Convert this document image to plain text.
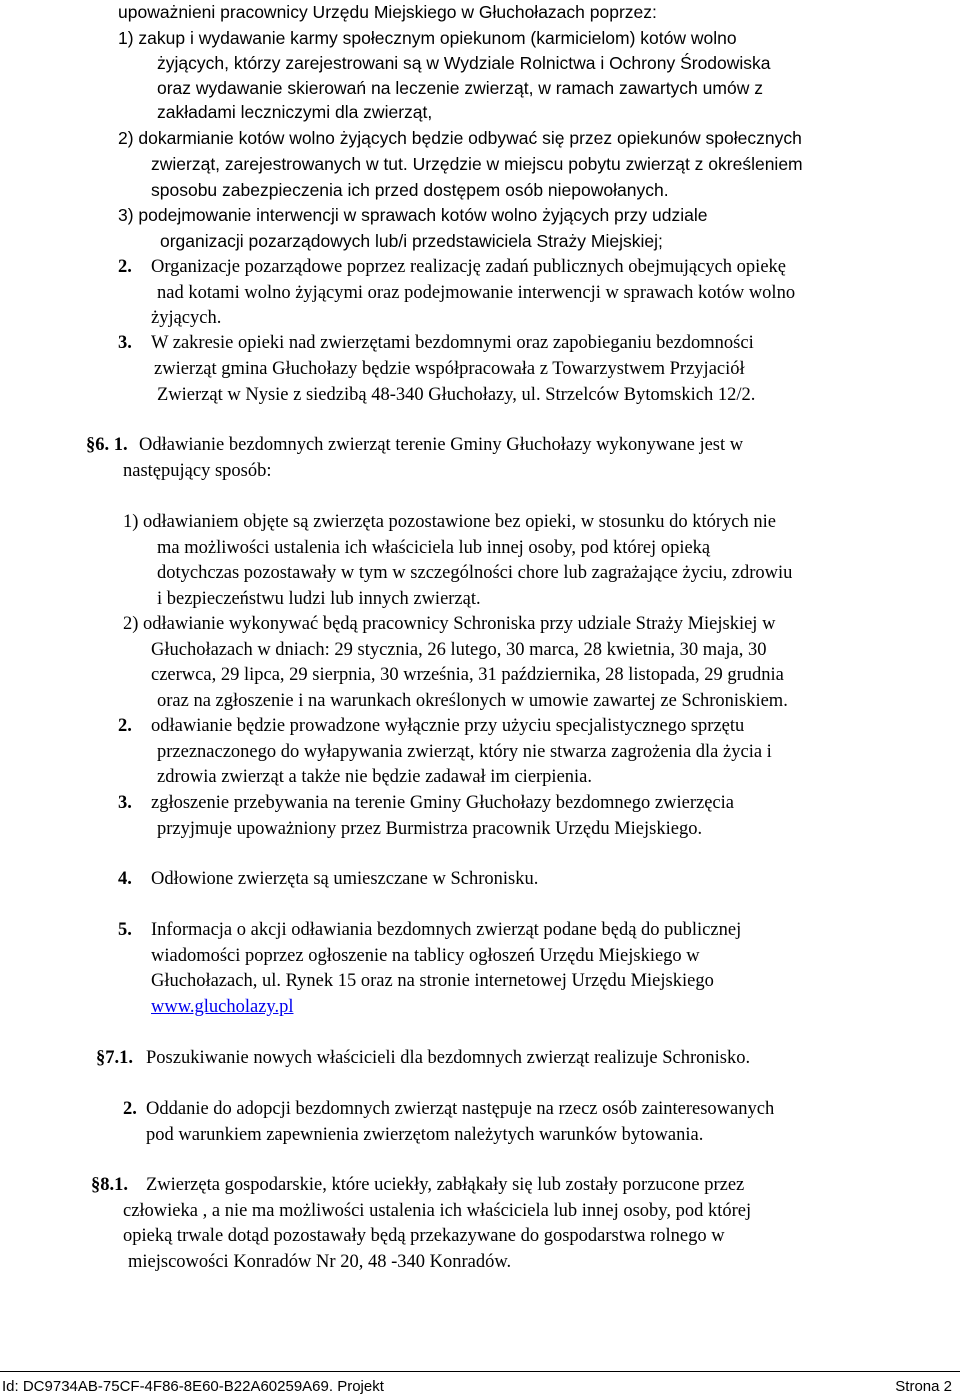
upoważnieni pracownicy Urzędu Miejskiego w Głuchołazach poprzez:
1) zakup i wydawanie karmy społecznym opiekunom (karmicielom) kotów wolno
żyjących, którzy zarejestrowani są w Wydziale Rolnictwa i Ochrony Środowiska
oraz wydawanie skierowań na leczenie zwierząt, w ramach zawartych umów z
zakładami leczniczymi dla zwierząt,
2) dokarmianie kotów wolno żyjących będzie odbywać się przez opiekunów społecznych
zwierząt, zarejestrowanych w tut. Urzędzie w miejscu pobytu zwierząt z określeniem
sposobu zabezpieczenia ich przed dostępem osób niepowołanych.
3) podejmowanie interwencji w sprawach kotów wolno żyjących przy udziale
organizacji pozarządowych lub/i przedstawiciela Straży Miejskiej;
2. Organizacje pozarządowe poprzez realizację zadań publicznych obejmujących opiekę
nad kotami wolno żyjącymi oraz podejmowanie interwencji w sprawach kotów wolno
żyjących.
3. W zakresie opieki nad zwierzętami bezdomnymi oraz zapobieganiu bezdomności
zwierząt gmina Głuchołazy będzie współpracowała z Towarzystwem Przyjaciół
Zwierząt w Nysie z siedzibą 48-340 Głuchołazy, ul. Strzelców Bytomskich 12/2.
§6. 1. Odławianie bezdomnych zwierząt terenie Gminy Głuchołazy wykonywane jest w
następujący sposób:
1) odławianiem objęte są zwierzęta pozostawione bez opieki, w stosunku do których nie
ma możliwości ustalenia ich właściciela lub innej osoby, pod której opieką
dotychczas pozostawały w tym w szczególności chore lub zagrażające życiu, zdrowiu
i bezpieczeństwu ludzi lub innych zwierząt.
2) odławianie wykonywać będą pracownicy Schroniska przy udziale Straży Miejskiej w
Głuchołazach w dniach: 29 stycznia, 26 lutego, 30 marca, 28 kwietnia, 30 maja, 30
czerwca, 29 lipca, 29 sierpnia, 30 września, 31 października, 28 listopada, 29 grudnia
oraz na zgłoszenie i na warunkach określonych w umowie zawartej ze Schroniskiem.
2. odławianie będzie prowadzone wyłącznie przy użyciu specjalistycznego sprzętu
przeznaczonego do wyłapywania zwierząt, który nie stwarza zagrożenia dla życia i
zdrowia zwierząt a także nie będzie zadawał im cierpienia.
3. zgłoszenie przebywania na terenie Gminy Głuchołazy bezdomnego zwierzęcia
przyjmuje upoważniony przez Burmistrza pracownik Urzędu Miejskiego.
4. Odłowione zwierzęta są umieszczane w Schronisku.
5. Informacja o akcji odławiania bezdomnych zwierząt podane będą do publicznej
wiadomości poprzez ogłoszenie na tablicy ogłoszeń Urzędu Miejskiego w
Głuchołazach, ul. Rynek 15 oraz na stronie internetowej Urzędu Miejskiego
www.glucholazy.pl
§7.1. Poszukiwanie nowych właścicieli dla bezdomnych zwierząt realizuje Schronisko.
2. Oddanie do adopcji bezdomnych zwierząt następuje na rzecz osób zainteresowanych
pod warunkiem zapewnienia zwierzętom należytych warunków bytowania.
§8.1. Zwierzęta gospodarskie, które uciekły, zabłąkały się lub zostały porzucone przez
człowieka , a nie ma możliwości ustalenia ich właściciela lub innej osoby, pod której
opieką trwale dotąd pozostawały będą przekazywane do gospodarstwa rolnego w
miejscowości Konradów Nr 20, 48 -340 Konradów.
Id: DC9734AB-75CF-4F86-8E60-B22A60259A69. Projekt	Strona 2
